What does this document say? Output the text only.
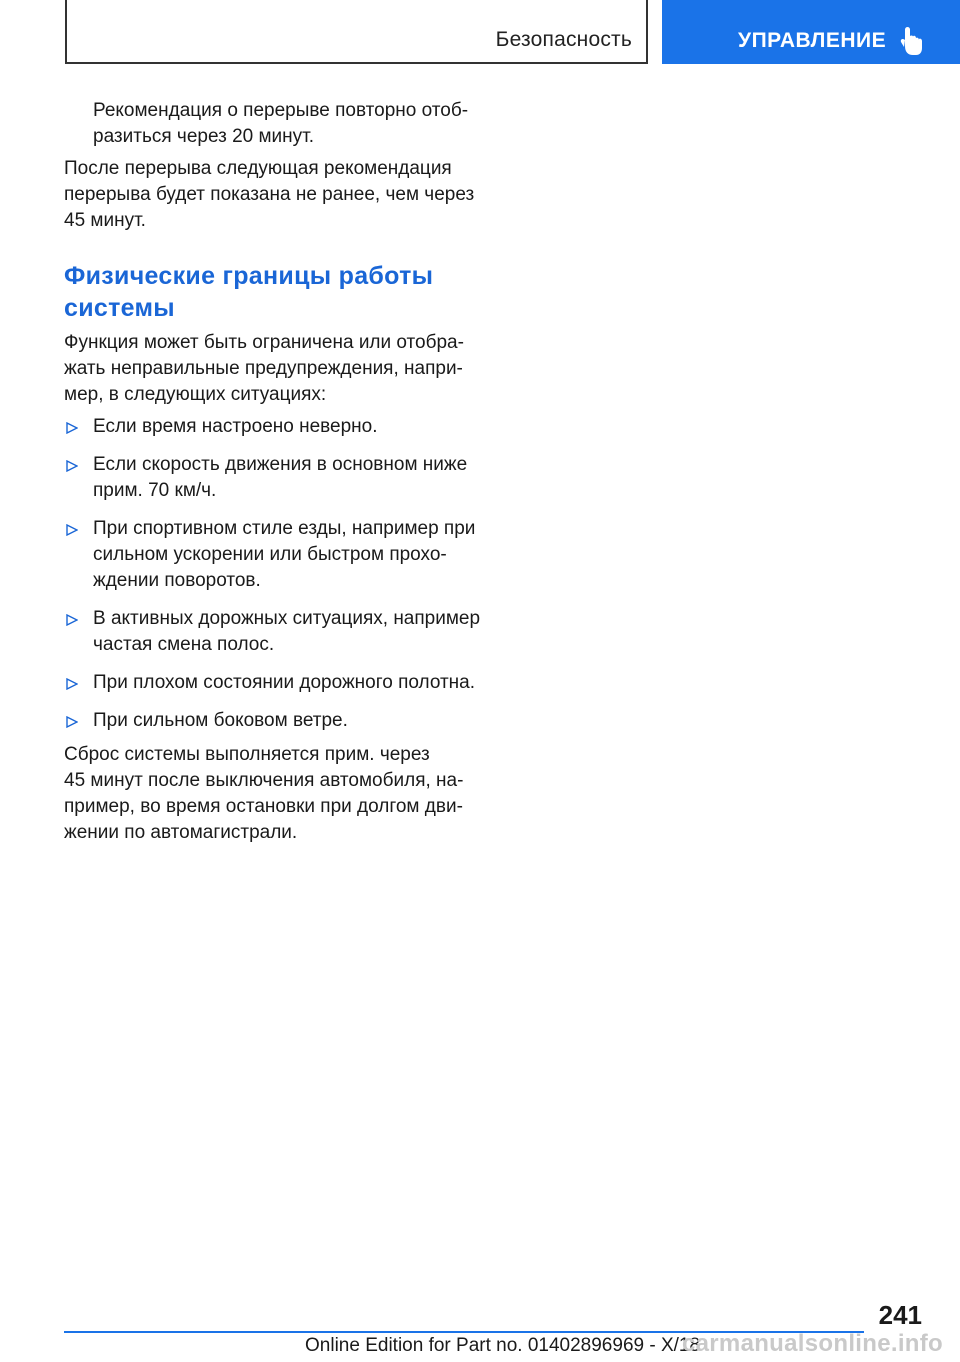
Безопасность	УПРАВЛЕНИЕ

Рекомендация о перерыве повторно отоб-
разиться через 20 минут.

После перерыва следующая рекомендация
перерыва будет показана не ранее, чем через
45 минут.

Физические границы работы
системы

Функция может быть ограничена или отобра-
жать неправильные предупреждения, напри-
мер, в следующих ситуациях:

Если время настроено неверно.
Если скорость движения в основном ниже
прим. 70 км/ч.
При спортивном стиле езды, например при
сильном ускорении или быстром прохо-
ждении поворотов.
В активных дорожных ситуациях, например
частая смена полос.
При плохом состоянии дорожного полотна.
При сильном боковом ветре.

Сброс системы выполняется прим. через
45 минут после выключения автомобиля, на-
пример, во время остановки при долгом дви-
жении по автомагистрали.

241
Online Edition for Part no. 01402896969 - X/18
carmanualsonline.info
